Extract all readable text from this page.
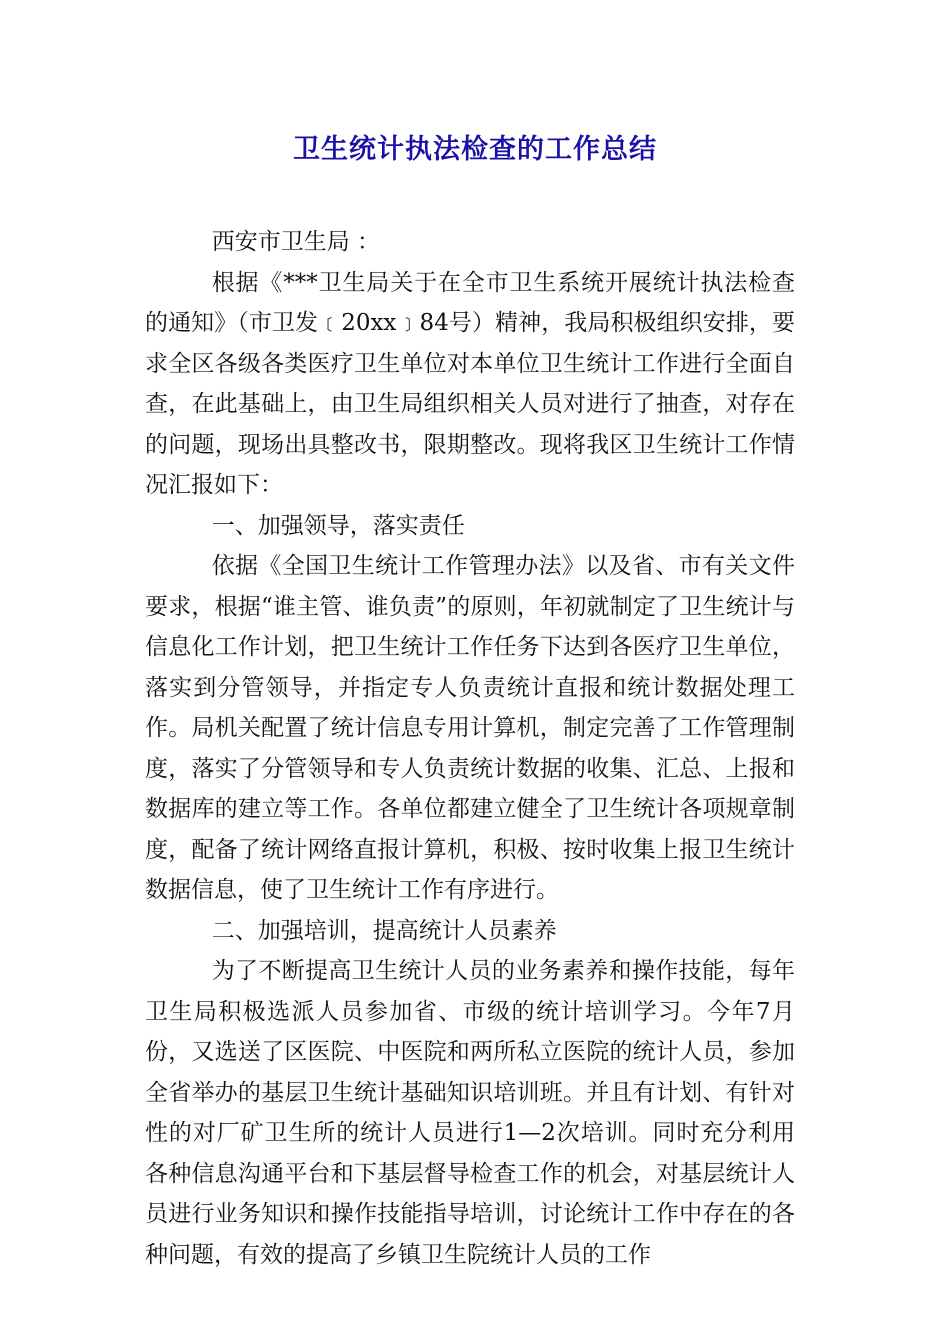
卫生统计执法检查的工作总结

西安市卫生局 ：

根据《***卫生局关于在全市卫生系统开展统计执法检查的通知》（市卫发﹝20xx﹞84号）精神，我局积极组织安排，要求全区各级各类医疗卫生单位对本单位卫生统计工作进行全面自查，在此基础上，由卫生局组织相关人员对进行了抽查，对存在的问题，现场出具整改书，限期整改。现将我区卫生统计工作情况汇报如下：

一、加强领导，落实责任

依据《全国卫生统计工作管理办法》以及省、市有关文件要求，根据“谁主管、谁负责”的原则，年初就制定了卫生统计与信息化工作计划，把卫生统计工作任务下达到各医疗卫生单位，落实到分管领导，并指定专人负责统计直报和统计数据处理工作。局机关配置了统计信息专用计算机，制定完善了工作管理制度，落实了分管领导和专人负责统计数据的收集、汇总、上报和数据库的建立等工作。各单位都建立健全了卫生统计各项规章制度，配备了统计网络直报计算机，积极、按时收集上报卫生统计数据信息，使了卫生统计工作有序进行。

二、加强培训，提高统计人员素养

为了不断提高卫生统计人员的业务素养和操作技能，每年卫生局积极选派人员参加省、市级的统计培训学习。今年7月份，又选送了区医院、中医院和两所私立医院的统计人员，参加全省举办的基层卫生统计基础知识培训班。并且有计划、有针对性的对厂矿卫生所的统计人员进行1—2次培训。同时充分利用各种信息沟通平台和下基层督导检查工作的机会，对基层统计人员进行业务知识和操作技能指导培训，讨论统计工作中存在的各种问题，有效的提高了乡镇卫生院统计人员的工作
